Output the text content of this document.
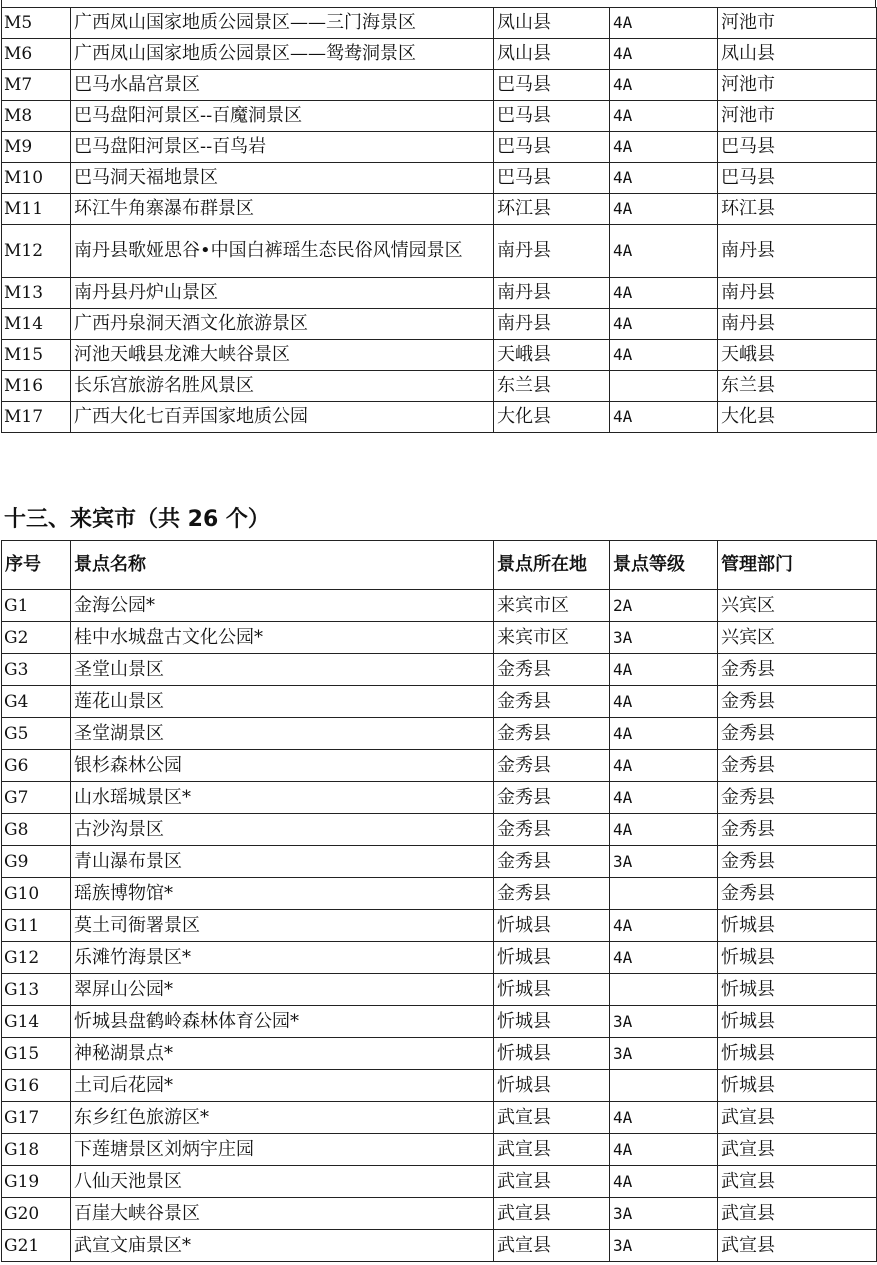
M5	广西凤山国家地质公园景区——三门海景区	凤山县	4A	河池市
M6	广西凤山国家地质公园景区——鸳鸯洞景区	凤山县	4A	凤山县
M7	巴马水晶宫景区	巴马县	4A	河池市
M8	巴马盘阳河景区--百魔洞景区	巴马县	4A	河池市
M9	巴马盘阳河景区--百鸟岩	巴马县	4A	巴马县
M10	巴马洞天福地景区	巴马县	4A	巴马县
M11	环江牛角寨瀑布群景区	环江县	4A	环江县
M12	南丹县歌娅思谷•中国白裤瑶生态民俗风情园景区	南丹县	4A	南丹县
M13	南丹县丹炉山景区	南丹县	4A	南丹县
M14	广西丹泉洞天酒文化旅游景区	南丹县	4A	南丹县
M15	河池天峨县龙滩大峡谷景区	天峨县	4A	天峨县
M16	长乐宫旅游名胜风景区	东兰县		东兰县
M17	广西大化七百弄国家地质公园	大化县	4A	大化县
十三、来宾市（共 26 个）
序号	景点名称	景点所在地	景点等级	管理部门
G1	金海公园*	来宾市区	2A	兴宾区
G2	桂中水城盘古文化公园*	来宾市区	3A	兴宾区
G3	圣堂山景区	金秀县	4A	金秀县
G4	莲花山景区	金秀县	4A	金秀县
G5	圣堂湖景区	金秀县	4A	金秀县
G6	银杉森林公园	金秀县	4A	金秀县
G7	山水瑶城景区*	金秀县	4A	金秀县
G8	古沙沟景区	金秀县	4A	金秀县
G9	青山瀑布景区	金秀县	3A	金秀县
G10	瑶族博物馆*	金秀县		金秀县
G11	莫土司衙署景区	忻城县	4A	忻城县
G12	乐滩竹海景区*	忻城县	4A	忻城县
G13	翠屏山公园*	忻城县		忻城县
G14	忻城县盘鹤岭森林体育公园*	忻城县	3A	忻城县
G15	神秘湖景点*	忻城县	3A	忻城县
G16	土司后花园*	忻城县		忻城县
G17	东乡红色旅游区*	武宣县	4A	武宣县
G18	下莲塘景区刘炳宇庄园	武宣县	4A	武宣县
G19	八仙天池景区	武宣县	4A	武宣县
G20	百崖大峡谷景区	武宣县	3A	武宣县
G21	武宣文庙景区*	武宣县	3A	武宣县
